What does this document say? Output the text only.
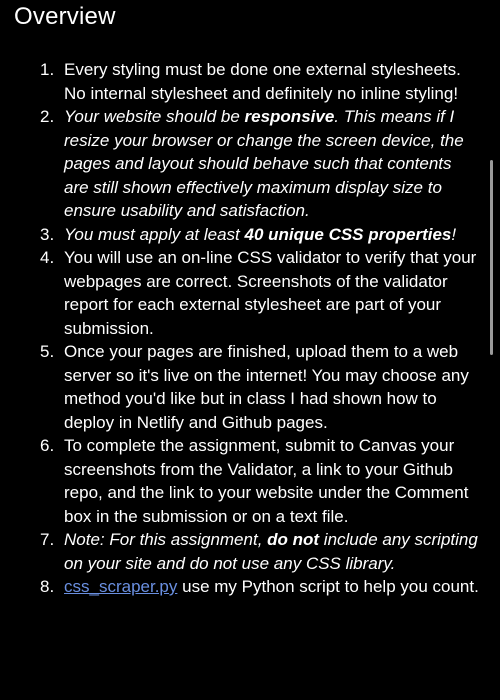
Overview
1. Every styling must be done one external stylesheets. No internal stylesheet and definitely no inline styling!
2. Your website should be responsive. This means if I resize your browser or change the screen device, the pages and layout should behave such that contents are still shown effectively maximum display size to ensure usability and satisfaction.
3. You must apply at least 40 unique CSS properties!
4. You will use an on-line CSS validator to verify that your webpages are correct. Screenshots of the validator report for each external stylesheet are part of your submission.
5. Once your pages are finished, upload them to a web server so it's live on the internet! You may choose any method you'd like but in class I had shown how to deploy in Netlify and Github pages.
6. To complete the assignment, submit to Canvas your screenshots from the Validator, a link to your Github repo, and the link to your website under the Comment box in the submission or on a text file.
7. Note: For this assignment, do not include any scripting on your site and do not use any CSS library.
8. css_scraper.py use my Python script to help you count.
